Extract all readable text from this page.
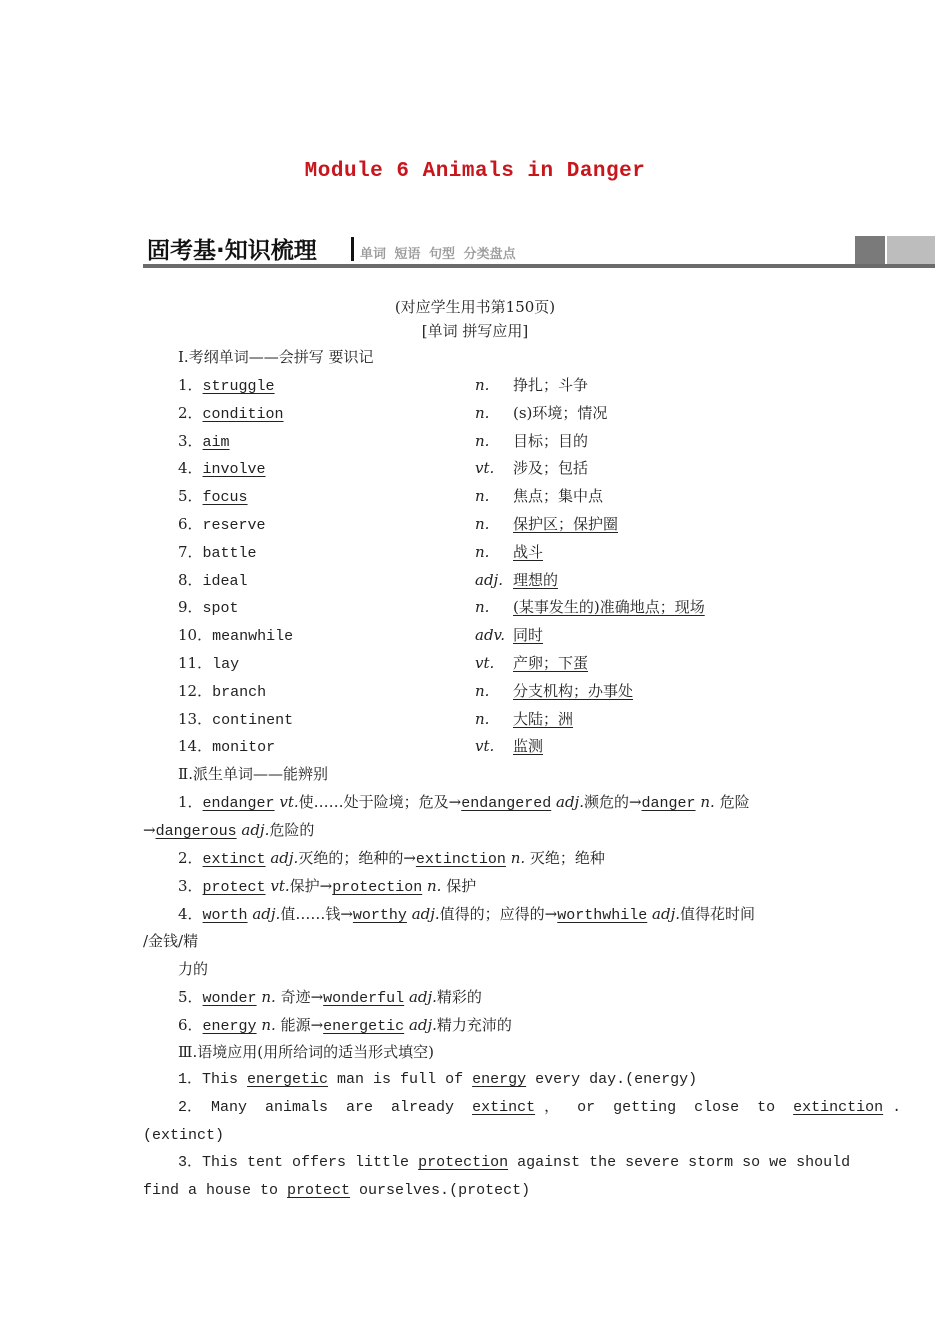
Module 6 Animals in Danger
固考基·知识梳理	单词 短语 句型 分类盘点
(对应学生用书第150页)
[单词 拼写应用]
Ⅰ.考纲单词——会拼写 要识记
1．struggle	n. 挣扎；斗争
2．condition	n. (s)环境；情况
3．aim	n. 目标；目的
4．involve	vt. 涉及；包括
5．focus	n. 焦点；集中点
6．reserve	n. 保护区；保护圈
7．battle	n. 战斗
8．ideal	adj. 理想的
9．spot	n. (某事发生的)准确地点；现场
10．meanwhile	adv. 同时
11．lay	vt. 产卵；下蛋
12．branch	n. 分支机构；办事处
13．continent	n. 大陆；洲
14．monitor	vt. 监测
Ⅱ.派生单词——能辨别
1．endanger vt.使……处于险境；危及→endangered adj.濒危的→danger n. 危险
→dangerous adj.危险的
2．extinct adj.灭绝的；绝种的→extinction n. 灭绝；绝种
3．protect vt.保护→protection n. 保护
4．worth adj.值……钱→worthy adj.值得的；应得的→worthwhile adj.值得花时间
/金钱/精
力的
5．wonder n. 奇迹→wonderful adj.精彩的
6．energy n. 能源→energetic adj.精力充沛的
Ⅲ.语境应用(用所给词的适当形式填空)
1．This energetic man is full of energy every day.(energy)
2． Many  animals  are  already  extinct ，  or  getting  close  to  extinction .
(extinct)
3．This tent offers little protection against the severe storm so we should
find a house to protect ourselves.(protect)
